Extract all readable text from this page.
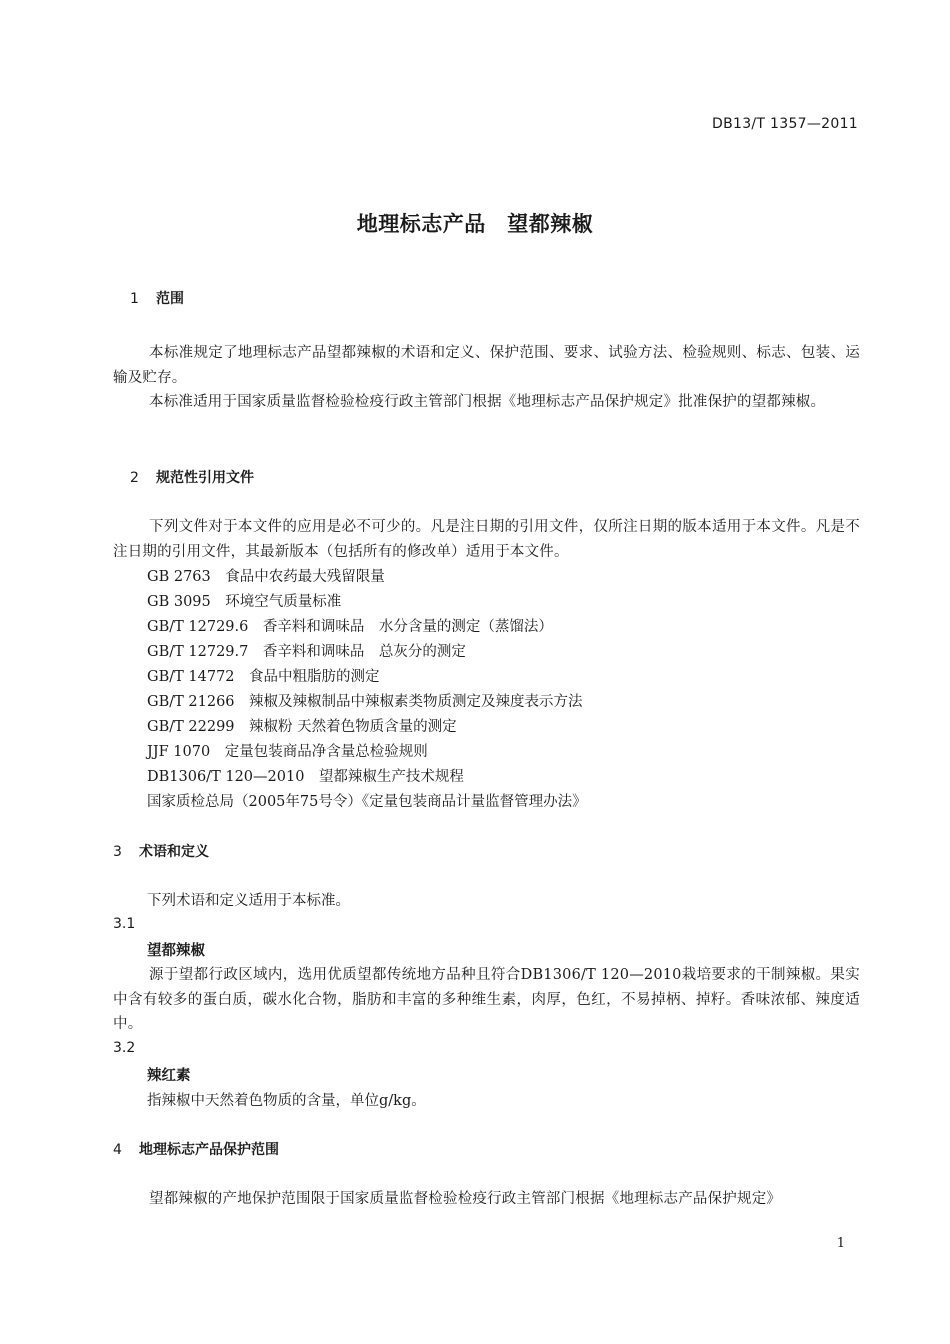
DB13/T 1357—2011
地理标志产品　望都辣椒
1 范围
本标准规定了地理标志产品望都辣椒的术语和定义、保护范围、要求、试验方法、检验规则、标志、包装、运输及贮存。
本标准适用于国家质量监督检验检疫行政主管部门根据《地理标志产品保护规定》批准保护的望都辣椒。
2 规范性引用文件
下列文件对于本文件的应用是必不可少的。凡是注日期的引用文件，仅所注日期的版本适用于本文件。凡是不注日期的引用文件，其最新版本（包括所有的修改单）适用于本文件。
GB 2763　食品中农药最大残留限量
GB 3095　环境空气质量标准
GB/T 12729.6　香辛料和调味品　水分含量的测定（蒸馏法）
GB/T 12729.7　香辛料和调味品　总灰分的测定
GB/T 14772　食品中粗脂肪的测定
GB/T 21266　辣椒及辣椒制品中辣椒素类物质测定及辣度表示方法
GB/T 22299　辣椒粉 天然着色物质含量的测定
JJF 1070　定量包装商品净含量总检验规则
DB1306/T 120—2010　望都辣椒生产技术规程
国家质检总局（2005年75号令）《定量包装商品计量监督管理办法》
3 术语和定义
下列术语和定义适用于本标准。
3.1
望都辣椒
源于望都行政区域内，选用优质望都传统地方品种且符合DB1306/T 120—2010栽培要求的干制辣椒。果实中含有较多的蛋白质，碳水化合物，脂肪和丰富的多种维生素，肉厚，色红，不易掉柄、掉籽。香味浓郁、辣度适中。
3.2
辣红素
指辣椒中天然着色物质的含量，单位g/kg。
4 地理标志产品保护范围
望都辣椒的产地保护范围限于国家质量监督检验检疫行政主管部门根据《地理标志产品保护规定》
1
